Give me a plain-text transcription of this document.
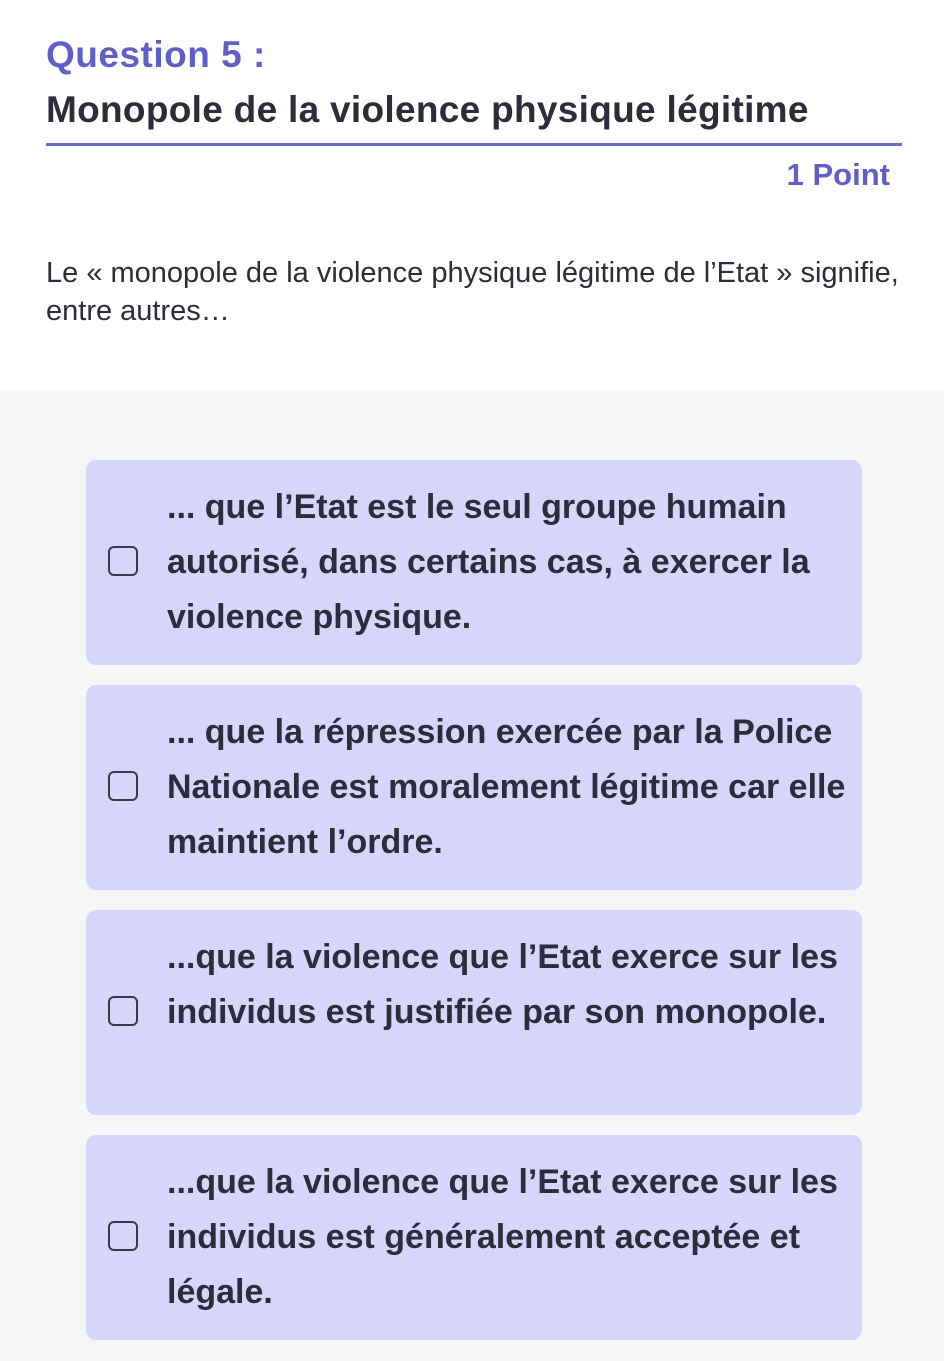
Question 5 :
Monopole de la violence physique légitime
1 Point
Le « monopole de la violence physique légitime de l’Etat » signifie, entre autres…
... que l’Etat est le seul groupe humain autorisé, dans certains cas, à exercer la violence physique.
... que la répression exercée par la Police Nationale est moralement légitime car elle maintient l’ordre.
...que la violence que l’Etat exerce sur les individus est justifiée par son monopole.
...que la violence que l’Etat exerce sur les individus est généralement acceptée et légale.
